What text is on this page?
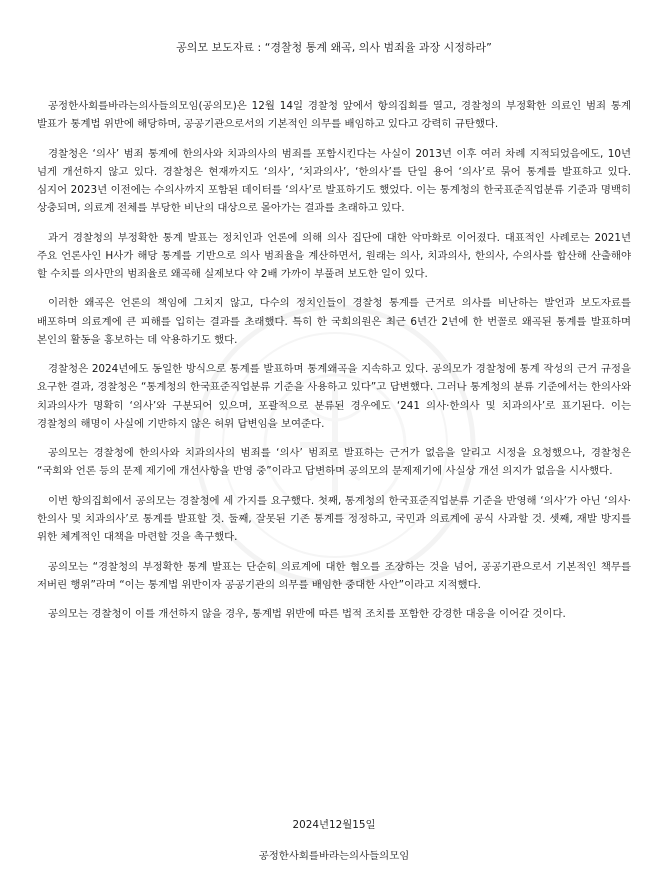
공의모 보도자료 : “경찰청 통계 왜곡, 의사 범죄율 과장 시정하라”

공정한사회를바라는의사들의모임(공의모)은 12월 14일 경찰청 앞에서 항의집회를 열고, 경찰청의 부정확한 의료인 범죄 통계 발표가 통계법 위반에 해당하며, 공공기관으로서의 기본적인 의무를 배임하고 있다고 강력히 규탄했다.

경찰청은 ‘의사’ 범죄 통계에 한의사와 치과의사의 범죄를 포함시킨다는 사실이 2013년 이후 여러 차례 지적되었음에도, 10년 넘게 개선하지 않고 있다. 경찰청은 현재까지도 ‘의사’, ‘치과의사’, ‘한의사’를 단일 용어 ‘의사’로 묶어 통계를 발표하고 있다. 심지어 2023년 이전에는 수의사까지 포함된 데이터를 ‘의사’로 발표하기도 했었다. 이는 통계청의 한국표준직업분류 기준과 명백히 상충되며, 의료계 전체를 부당한 비난의 대상으로 몰아가는 결과를 초래하고 있다.

과거 경찰청의 부정확한 통계 발표는 정치인과 언론에 의해 의사 집단에 대한 악마화로 이어졌다. 대표적인 사례로는 2021년 주요 언론사인 H사가 해당 통계를 기반으로 의사 범죄율을 계산하면서, 원래는 의사, 치과의사, 한의사, 수의사를 합산해 산출해야 할 수치를 의사만의 범죄율로 왜곡해 실제보다 약 2배 가까이 부풀려 보도한 일이 있다.

이러한 왜곡은 언론의 책임에 그치지 않고, 다수의 정치인들이 경찰청 통계를 근거로 의사를 비난하는 발언과 보도자료를 배포하며 의료계에 큰 피해를 입히는 결과를 초래했다. 특히 한 국회의원은 최근 6년간 2년에 한 번꼴로 왜곡된 통계를 발표하며 본인의 활동을 홍보하는 데 악용하기도 했다.

경찰청은 2024년에도 동일한 방식으로 통계를 발표하며 통계왜곡을 지속하고 있다. 공의모가 경찰청에 통계 작성의 근거 규정을 요구한 결과, 경찰청은 “통계청의 한국표준직업분류 기준을 사용하고 있다”고 답변했다. 그러나 통계청의 분류 기준에서는 한의사와 치과의사가 명확히 ‘의사’와 구분되어 있으며, 포괄적으로 분류된 경우에도 ‘241 의사·한의사 및 치과의사’로 표기된다. 이는 경찰청의 해명이 사실에 기반하지 않은 허위 답변임을 보여준다.

공의모는 경찰청에 한의사와 치과의사의 범죄를 ‘의사’ 범죄로 발표하는 근거가 없음을 알리고 시정을 요청했으나, 경찰청은 “국회와 언론 등의 문제 제기에 개선사항을 반영 중”이라고 답변하며 공의모의 문제제기에 사실상 개선 의지가 없음을 시사했다.

이번 항의집회에서 공의모는 경찰청에 세 가지를 요구했다. 첫째, 통계청의 한국표준직업분류 기준을 반영해 ‘의사’가 아닌 ‘의사·한의사 및 치과의사’로 통계를 발표할 것. 둘째, 잘못된 기존 통계를 정정하고, 국민과 의료계에 공식 사과할 것. 셋째, 재발 방지를 위한 체계적인 대책을 마련할 것을 촉구했다.

공의모는 “경찰청의 부정확한 통계 발표는 단순히 의료계에 대한 혐오를 조장하는 것을 넘어, 공공기관으로서 기본적인 책무를 저버린 행위”라며 “이는 통계법 위반이자 공공기관의 의무를 배임한 중대한 사안”이라고 지적했다.

공의모는 경찰청이 이를 개선하지 않을 경우, 통계법 위반에 따른 법적 조치를 포함한 강경한 대응을 이어갈 것이다.

2024년12월15일
공정한사회를바라는의사들의모임
